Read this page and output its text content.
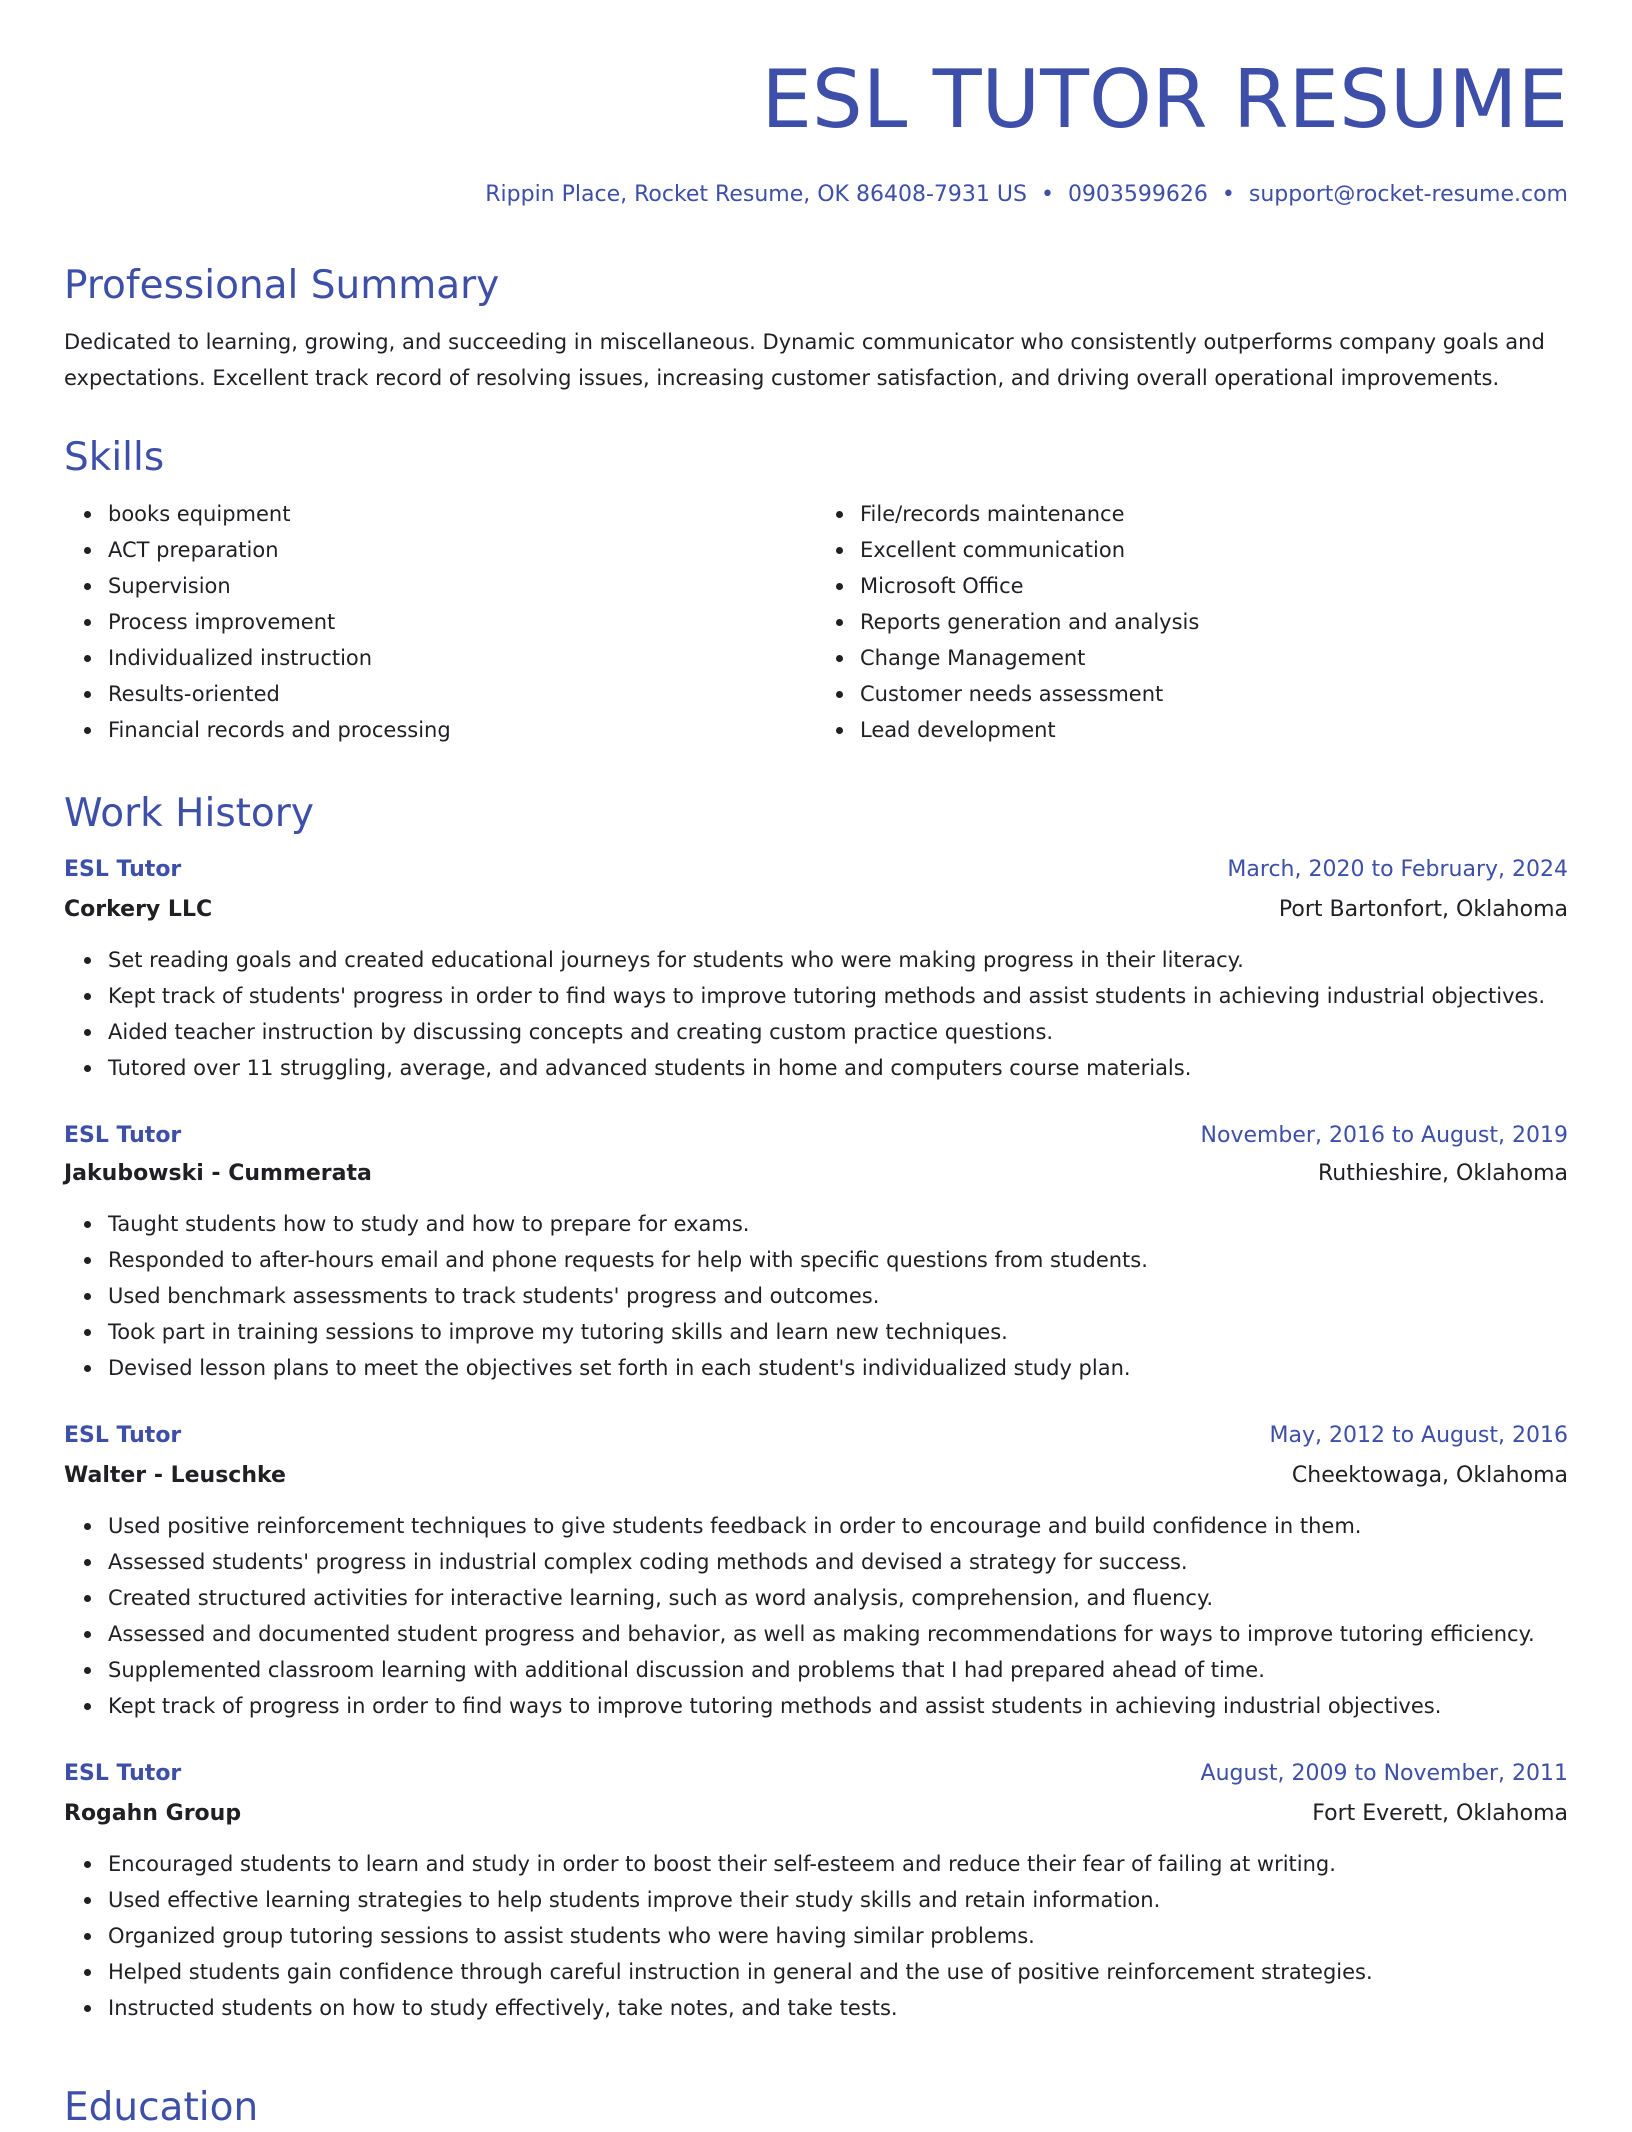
ESL TUTOR RESUME
Rippin Place, Rocket Resume, OK 86408-7931 US • 0903599626 • support@rocket-resume.com
Professional Summary

Dedicated to learning, growing, and succeeding in miscellaneous. Dynamic communicator who consistently outperforms company goals and expectations. Excellent track record of resolving issues, increasing customer satisfaction, and driving overall operational improvements.

Skills
books equipment
ACT preparation
Supervision
Process improvement
Individualized instruction
Results-oriented
Financial records and processing
File/records maintenance
Excellent communication
Microsoft Office
Reports generation and analysis
Change Management
Customer needs assessment
Lead development
Work History
ESL Tutor	March, 2020 to February, 2024
Corkery LLC	Port Bartonfort, Oklahoma
Set reading goals and created educational journeys for students who were making progress in their literacy.
Kept track of students' progress in order to find ways to improve tutoring methods and assist students in achieving industrial objectives.
Aided teacher instruction by discussing concepts and creating custom practice questions.
Tutored over 11 struggling, average, and advanced students in home and computers course materials.
ESL Tutor	November, 2016 to August, 2019
Jakubowski - Cummerata	Ruthieshire, Oklahoma
Taught students how to study and how to prepare for exams.
Responded to after-hours email and phone requests for help with specific questions from students.
Used benchmark assessments to track students' progress and outcomes.
Took part in training sessions to improve my tutoring skills and learn new techniques.
Devised lesson plans to meet the objectives set forth in each student's individualized study plan.
ESL Tutor	May, 2012 to August, 2016
Walter - Leuschke	Cheektowaga, Oklahoma
Used positive reinforcement techniques to give students feedback in order to encourage and build confidence in them.
Assessed students' progress in industrial complex coding methods and devised a strategy for success.
Created structured activities for interactive learning, such as word analysis, comprehension, and fluency.
Assessed and documented student progress and behavior, as well as making recommendations for ways to improve tutoring efficiency.
Supplemented classroom learning with additional discussion and problems that I had prepared ahead of time.
Kept track of progress in order to find ways to improve tutoring methods and assist students in achieving industrial objectives.
ESL Tutor	August, 2009 to November, 2011
Rogahn Group	Fort Everett, Oklahoma
Encouraged students to learn and study in order to boost their self-esteem and reduce their fear of failing at writing.
Used effective learning strategies to help students improve their study skills and retain information.
Organized group tutoring sessions to assist students who were having similar problems.
Helped students gain confidence through careful instruction in general and the use of positive reinforcement strategies.
Instructed students on how to study effectively, take notes, and take tests.
Education
